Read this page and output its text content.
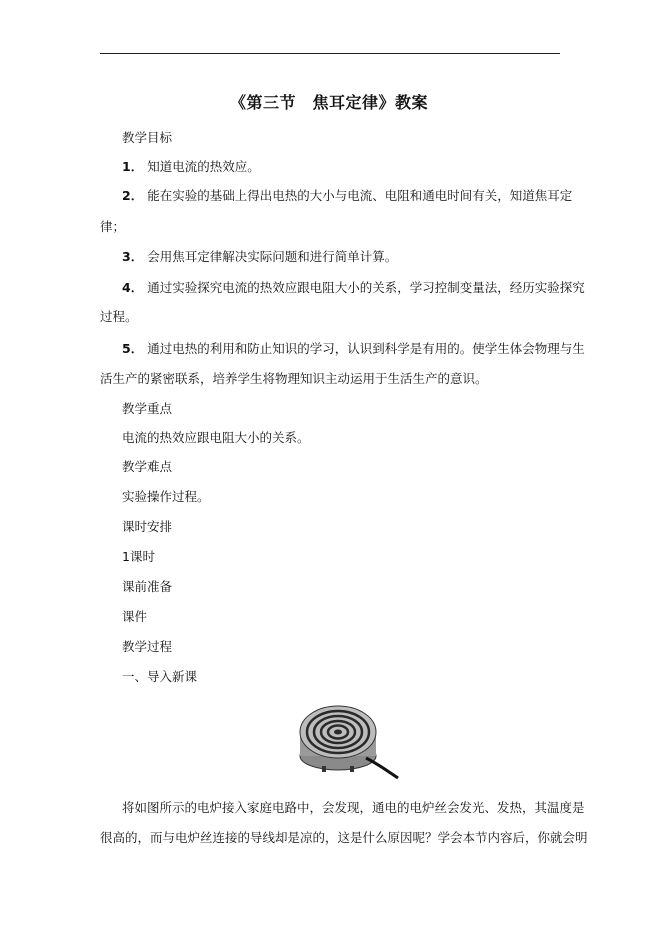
《第三节　焦耳定律》教案
教学目标
1． 知道电流的热效应。
2． 能在实验的基础上得出电热的大小与电流、电阻和通电时间有关，知道焦耳定
律；
3． 会用焦耳定律解决实际问题和进行简单计算。
4． 通过实验探究电流的热效应跟电阻大小的关系，学习控制变量法，经历实验探究
过程。
5． 通过电热的利用和防止知识的学习，认识到科学是有用的。使学生体会物理与生
活生产的紧密联系，培养学生将物理知识主动运用于生活生产的意识。
教学重点
电流的热效应跟电阻大小的关系。
教学难点
实验操作过程。
课时安排
1课时
课前准备
课件
教学过程
一、导入新课
将如图所示的电炉接入家庭电路中，会发现，通电的电炉丝会发光、发热，其温度是
很高的，而与电炉丝连接的导线却是凉的，这是什么原因呢？学会本节内容后，你就会明
